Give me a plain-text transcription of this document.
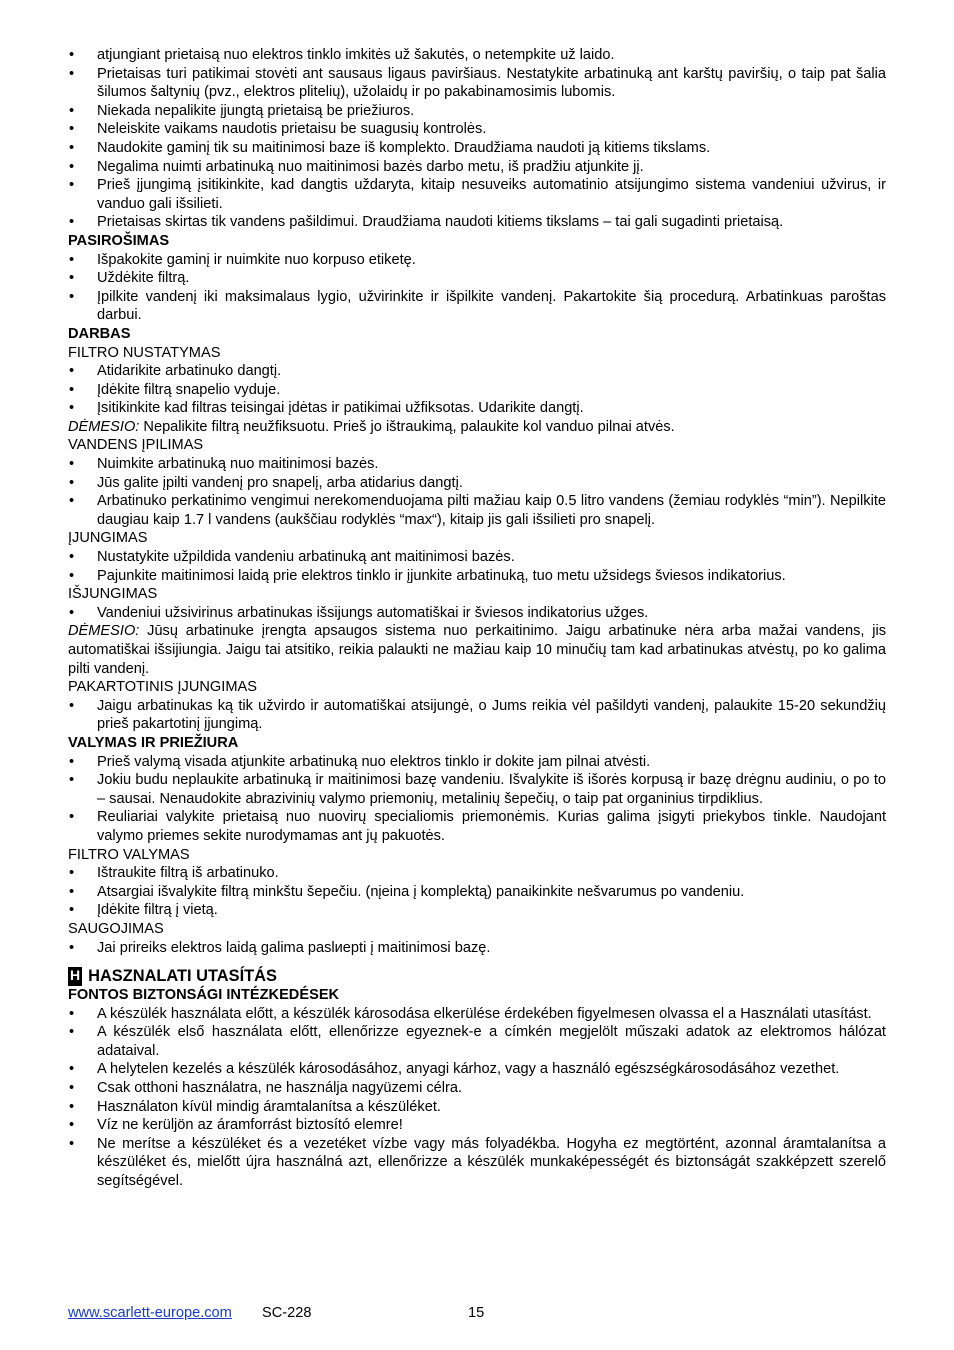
• atjungiant prietaisą nuo elektros tinklo imkitės už šakutės, o netempkite už laido.
• Prietaisas turi patikimai stovėti ant sausaus ligaus paviršiaus. Nestatykite arbatinuką ant karštų paviršių, o taip pat šalia šilumos šaltynių (pvz., elektros plitelių), užolaidų ir po pakabinamosimis lubomis.
• Niekada nepalikite įjungtą prietaisą be priežiuros.
• Neleiskite vaikams naudotis prietaisu be suagusių kontrolės.
• Naudokite gaminį tik su maitinimosi baze iš komplekto. Draudžiama naudoti ją kitiems tikslams.
• Negalima nuimti arbatinuką nuo maitinimosi bazės darbo metu, iš pradžiu atjunkite jį.
• Prieš įjungimą įsitikinkite, kad dangtis uždaryta, kitaip nesuveiks automatinio atsijungimo sistema vandeniui užvirus, ir vanduo gali išsilieti.
• Prietaisas skirtas tik vandens pašildimui. Draudžiama naudoti kitiems tikslams – tai gali sugadinti prietaisą.
PASIROŠIMAS
• Išpakokite gaminį ir nuimkite nuo korpuso etiketę.
• Uždėkite filtrą.
• Įpilkite vandenį iki maksimalaus lygio, užvirinkite ir išpilkite vandenį. Pakartokite šią procedurą. Arbatinkuas paroštas darbui.
DARBAS
FILTRO NUSTATYMAS
• Atidarikite arbatinuko dangtį.
• Įdėkite filtrą snapelio vyduje.
• Įsitikinkite kad filtras teisingai įdėtas ir patikimai užfiksotas. Udarikite dangtį.
DĖMESIO: Nepalikite filtrą neužfiksuotu. Prieš jo ištraukimą, palaukite kol vanduo pilnai atvės.
VANDENS ĮPILIMAS
• Nuimkite arbatinuką nuo maitinimosi bazės.
• Jūs galite įpilti vandenį pro snapelį, arba atidarius dangtį.
• Arbatinuko perkatinimo vengimui nerekomenduojama pilti mažiau kaip 0.5 litro vandens (žemiau rodyklės “min”). Nepilkite daugiau kaip 1.7 l vandens (aukščiau rodyklės “max“), kitaip jis gali išsilieti pro snapelį.
ĮJUNGIMAS
• Nustatykite užpildida vandeniu arbatinuką ant maitinimosi bazės.
• Pajunkite maitinimosi laidą prie elektros tinklo ir įjunkite arbatinuką, tuo metu užsidegs šviesos indikatorius.
IŠJUNGIMAS
• Vandeniui užsivirinus arbatinukas išsijungs automatiškai ir šviesos indikatorius užges.
DĖMESIO: Jūsų arbatinuke įrengta apsaugos sistema nuo perkaitinimo. Jaigu arbatinuke nėra arba mažai vandens, jis automatiškai išsijiungia. Jaigu tai atsitiko, reikia palaukti ne mažiau kaip 10 minučių tam kad arbatinukas atvėstų, po ko galima pilti vandenį.
PAKARTOTINIS ĮJUNGIMAS
• Jaigu arbatinukas ką tik užvirdo ir automatiškai atsijungė, o Jums reikia vėl pašildyti vandenį, palaukite 15-20 sekundžių prieš pakartotinį įjungimą.
VALYMAS IR PRIEŽIURA
• Prieš valymą visada atjunkite arbatinuką nuo elektros tinklo ir dokite jam pilnai atvėsti.
• Jokiu budu neplaukite arbatinuką ir maitinimosi bazę vandeniu. Išvalykite iš išorės korpusą ir bazę drėgnu audiniu, o po to – sausai. Nenaudokite abrazivinių valymo priemonių, metalinių šepečių, o taip pat organinius tirpdiklius.
• Reuliariai valykite prietaisą nuo nuovirų specialiomis priemonėmis. Kurias galima įsigyti priekybos tinkle. Naudojant valymo priemes sekite nurodymamas ant jų pakuotės.
FILTRO VALYMAS
• Ištraukite filtrą iš arbatinuko.
• Atsargiai išvalykite filtrą minkštu šepečiu. (nįeina į komplektą) panaikinkite nešvarumus po vandeniu.
• Įdėkite filtrą į vietą.
SAUGOJIMAS
• Jai prireiks elektros laidą galima paslиepti į maitinimosi bazę.
H HASZNALATI UTASÍTÁS
FONTOS BIZTONSÁGI INTÉZKEDÉSEK
• A készülék használata előtt, a készülék károsodása elkerülése érdekében figyelmesen olvassa el a Használati utasítást.
• A készülék első használata előtt, ellenőrizze egyeznek-e a címkén megjelölt műszaki adatok az elektromos hálózat adataival.
• A helytelen kezelés a készülék károsodásához, anyagi kárhoz, vagy a használó egészségkárosodásához vezethet.
• Csak otthoni használatra, ne használja nagyüzemi célra.
• Használaton kívül mindig áramtalanítsa a készüléket.
• Víz ne kerüljön az áramforrást biztosító elemre!
• Ne merítse a készüléket és a vezetéket vízbe vagy más folyadékba. Hogyha ez megtörtént, azonnal áramtalanítsa a készüléket és, mielőtt újra használná azt, ellenőrizze a készülék munkaképességét és biztonságát szakképzett szerelő segítségével.
www.scarlett-europe.com SC-228	15
